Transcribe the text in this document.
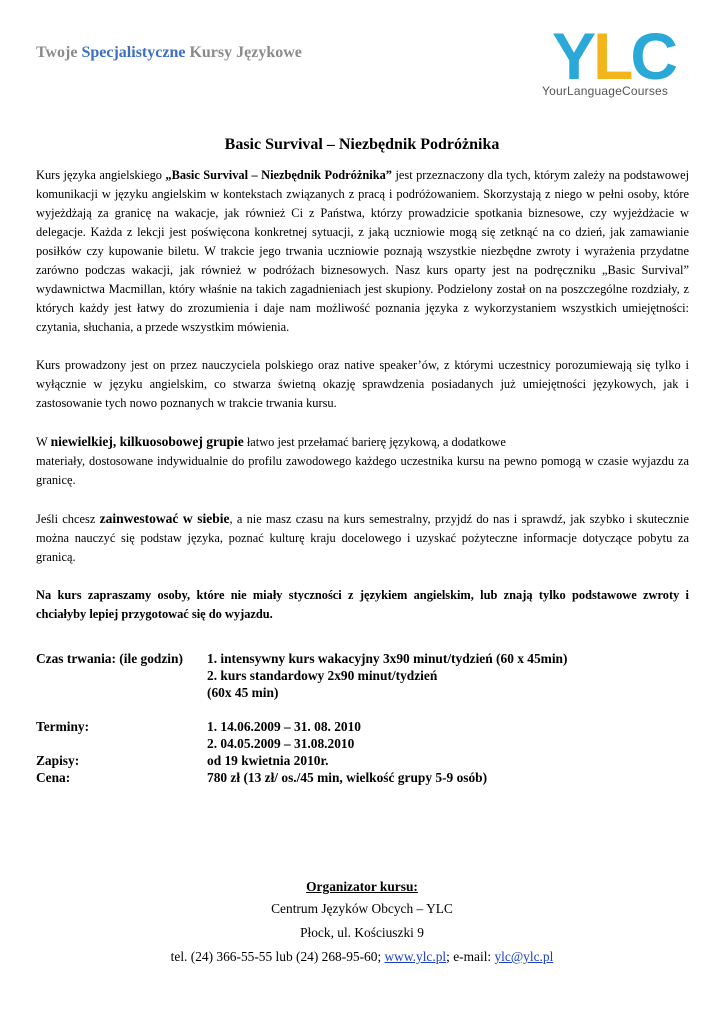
Twoje Specjalistyczne Kursy Językowe	YLC
YourLanguageCourses
Basic Survival – Niezbędnik Podróżnika

Kurs języka angielskiego „Basic Survival – Niezbędnik Podróżnika” jest przeznaczony dla tych, którym zależy na podstawowej komunikacji w języku angielskim w kontekstach związanych z pracą i podróżowaniem. Skorzystają z niego w pełni osoby, które wyjeżdżają za granicę na wakacje, jak również Ci z Państwa, którzy prowadzicie spotkania biznesowe, czy wyjeżdżacie w delegacje. Każda z lekcji jest poświęcona konkretnej sytuacji, z jaką uczniowie mogą się zetknąć na co dzień, jak zamawianie posiłków czy kupowanie biletu. W trakcie jego trwania uczniowie poznają wszystkie niezbędne zwroty i wyrażenia przydatne zarówno podczas wakacji, jak również w podróżach biznesowych. Nasz kurs oparty jest na podręczniku „Basic Survival” wydawnictwa Macmillan, który właśnie na takich zagadnieniach jest skupiony. Podzielony został on na poszczególne rozdziały, z których każdy jest łatwy do zrozumienia i daje nam możliwość poznania języka z wykorzystaniem wszystkich umiejętności: czytania, słuchania, a przede wszystkim mówienia.

Kurs prowadzony jest on przez nauczyciela polskiego oraz native speaker’ów, z którymi uczestnicy porozumiewają się tylko i wyłącznie w języku angielskim, co stwarza świetną okazję sprawdzenia posiadanych już umiejętności językowych, jak i zastosowanie tych nowo poznanych w trakcie trwania kursu.

W niewielkiej, kilkuosobowej grupie łatwo jest przełamać barierę językową, a dodatkowe
materiały, dostosowane indywidualnie do profilu zawodowego każdego uczestnika kursu na pewno pomogą w czasie wyjazdu za granicę.

Jeśli chcesz zainwestować w siebie, a nie masz czasu na kurs semestralny, przyjdź do nas i sprawdź, jak szybko i skutecznie można nauczyć się podstaw języka, poznać kulturę kraju docelowego i uzyskać pożyteczne informacje dotyczące pobytu za granicą.

Na kurs zapraszamy osoby, które nie miały styczności z językiem angielskim, lub znają tylko podstawowe zwroty i chciałyby lepiej przygotować się do wyjazdu.

Czas trwania: (ile godzin)	1. intensywny kurs wakacyjny 3x90 minut/tydzień (60 x 45min)
2. kurs standardowy 2x90 minut/tydzień
(60x 45 min)
Terminy:	1. 14.06.2009 – 31. 08. 2010
2. 04.05.2009 – 31.08.2010
Zapisy:	od 19 kwietnia 2010r.
Cena:	780 zł (13 zł/ os./45 min, wielkość grupy 5-9 osób)
Organizator kursu:
Centrum Języków Obcych – YLC
Płock, ul. Kościuszki 9
tel. (24) 366-55-55 lub (24) 268-95-60; www.ylc.pl; e-mail: ylc@ylc.pl
